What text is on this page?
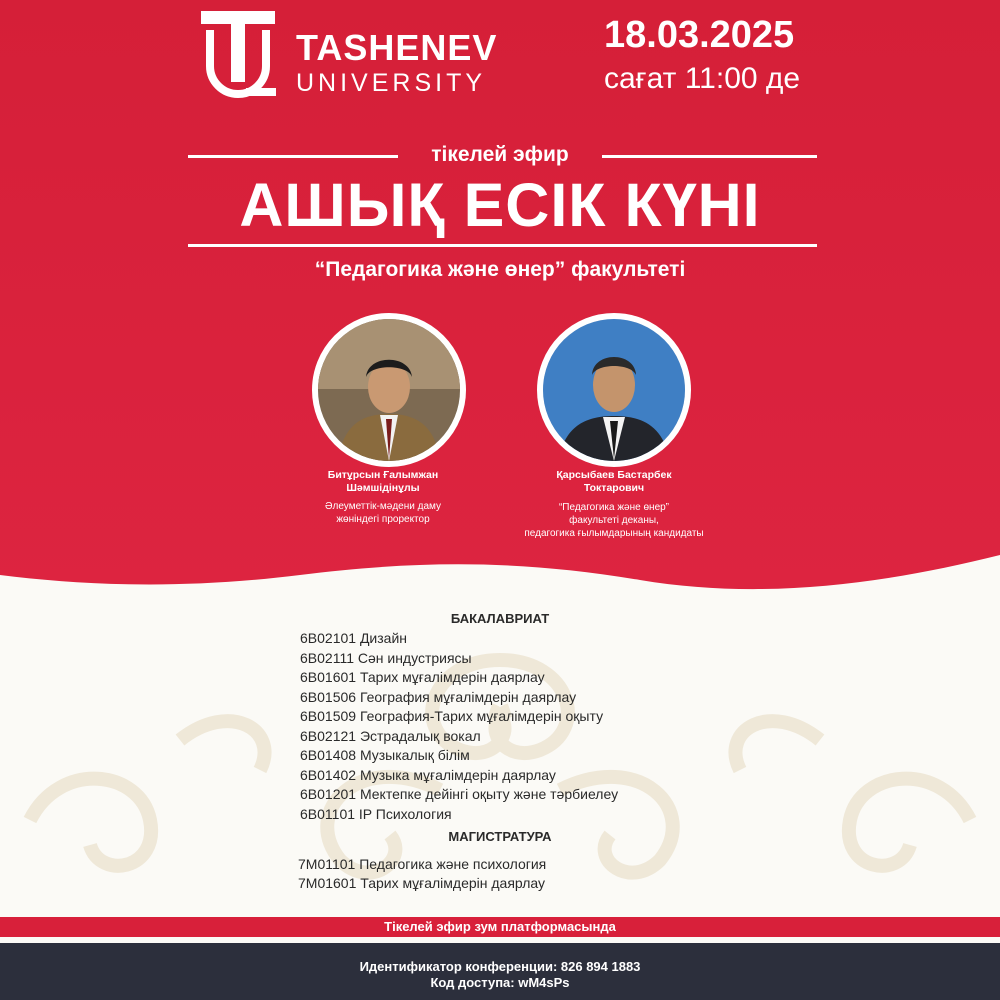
TASHENEV
UNIVERSITY
18.03.2025
сағат 11:00 де
тікелей эфир
АШЫҚ ЕСІК КҮНІ
“Педагогика және өнер” факультеті
Битұрсын Ғалымжан
Шәмшідінұлы
Әлеуметтік-мәдени даму
жөніндегі проректор
Қарсыбаев Бастарбек
Токтарович
“Педагогика және өнер”
факультеті деканы,
педагогика ғылымдарының кандидаты
БАКАЛАВРИАТ
6B02101 Дизайн
6B02111 Сән индустриясы
6B01601 Тарих мұғалімдерін даярлау
6B01506 География мұғалімдерін даярлау
6B01509 География-Тарих мұғалімдерін оқыту
6B02121 Эстрадалық вокал
6B01408 Музыкалық білім
6B01402 Музыка мұғалімдерін даярлау
6B01201 Мектепке дейінгі оқыту және тәрбиелеу
6B01101 IP Психология
МАГИСТРАТУРА
7M01101 Педагогика және психология
7M01601 Тарих мұғалімдерін даярлау
Тікелей эфир зум платформасында
Идентификатор конференции: 826 894 1883
Код доступа: wM4sPs
